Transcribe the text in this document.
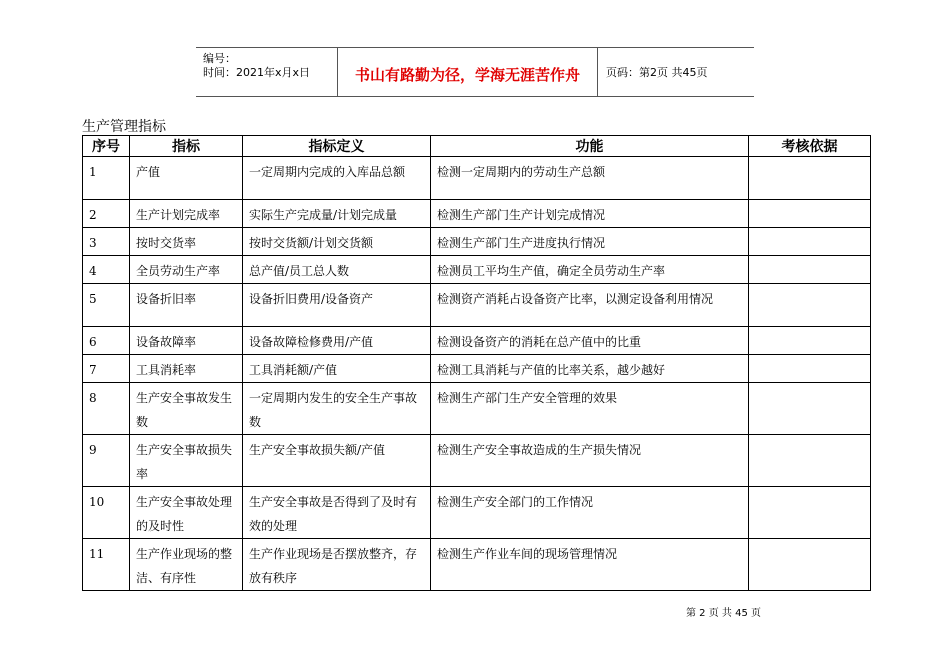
编号：
时间：2021年x月x日	书山有路勤为径，学海无涯苦作舟	页码：第2页 共45页
生产管理指标
序号	指标	指标定义	功能	考核依据
1	产值	一定周期内完成的入库品总额	检测一定周期内的劳动生产总额	
2	生产计划完成率	实际生产完成量/计划完成量	检测生产部门生产计划完成情况	
3	按时交货率	按时交货额/计划交货额	检测生产部门生产进度执行情况	
4	全员劳动生产率	总产值/员工总人数	检测员工平均生产值，确定全员劳动生产率	
5	设备折旧率	设备折旧费用/设备资产	检测资产消耗占设备资产比率，以测定设备利用情况	
6	设备故障率	设备故障检修费用/产值	检测设备资产的消耗在总产值中的比重	
7	工具消耗率	工具消耗额/产值	检测工具消耗与产值的比率关系，越少越好	
8	生产安全事故发生数	一定周期内发生的安全生产事故数	检测生产部门生产安全管理的效果	
9	生产安全事故损失率	生产安全事故损失额/产值	检测生产安全事故造成的生产损失情况	
10	生产安全事故处理的及时性	生产安全事故是否得到了及时有效的处理	检测生产安全部门的工作情况	
11	生产作业现场的整洁、有序性	生产作业现场是否摆放整齐，存放有秩序	检测生产作业车间的现场管理情况	
第 2 页 共 45 页
